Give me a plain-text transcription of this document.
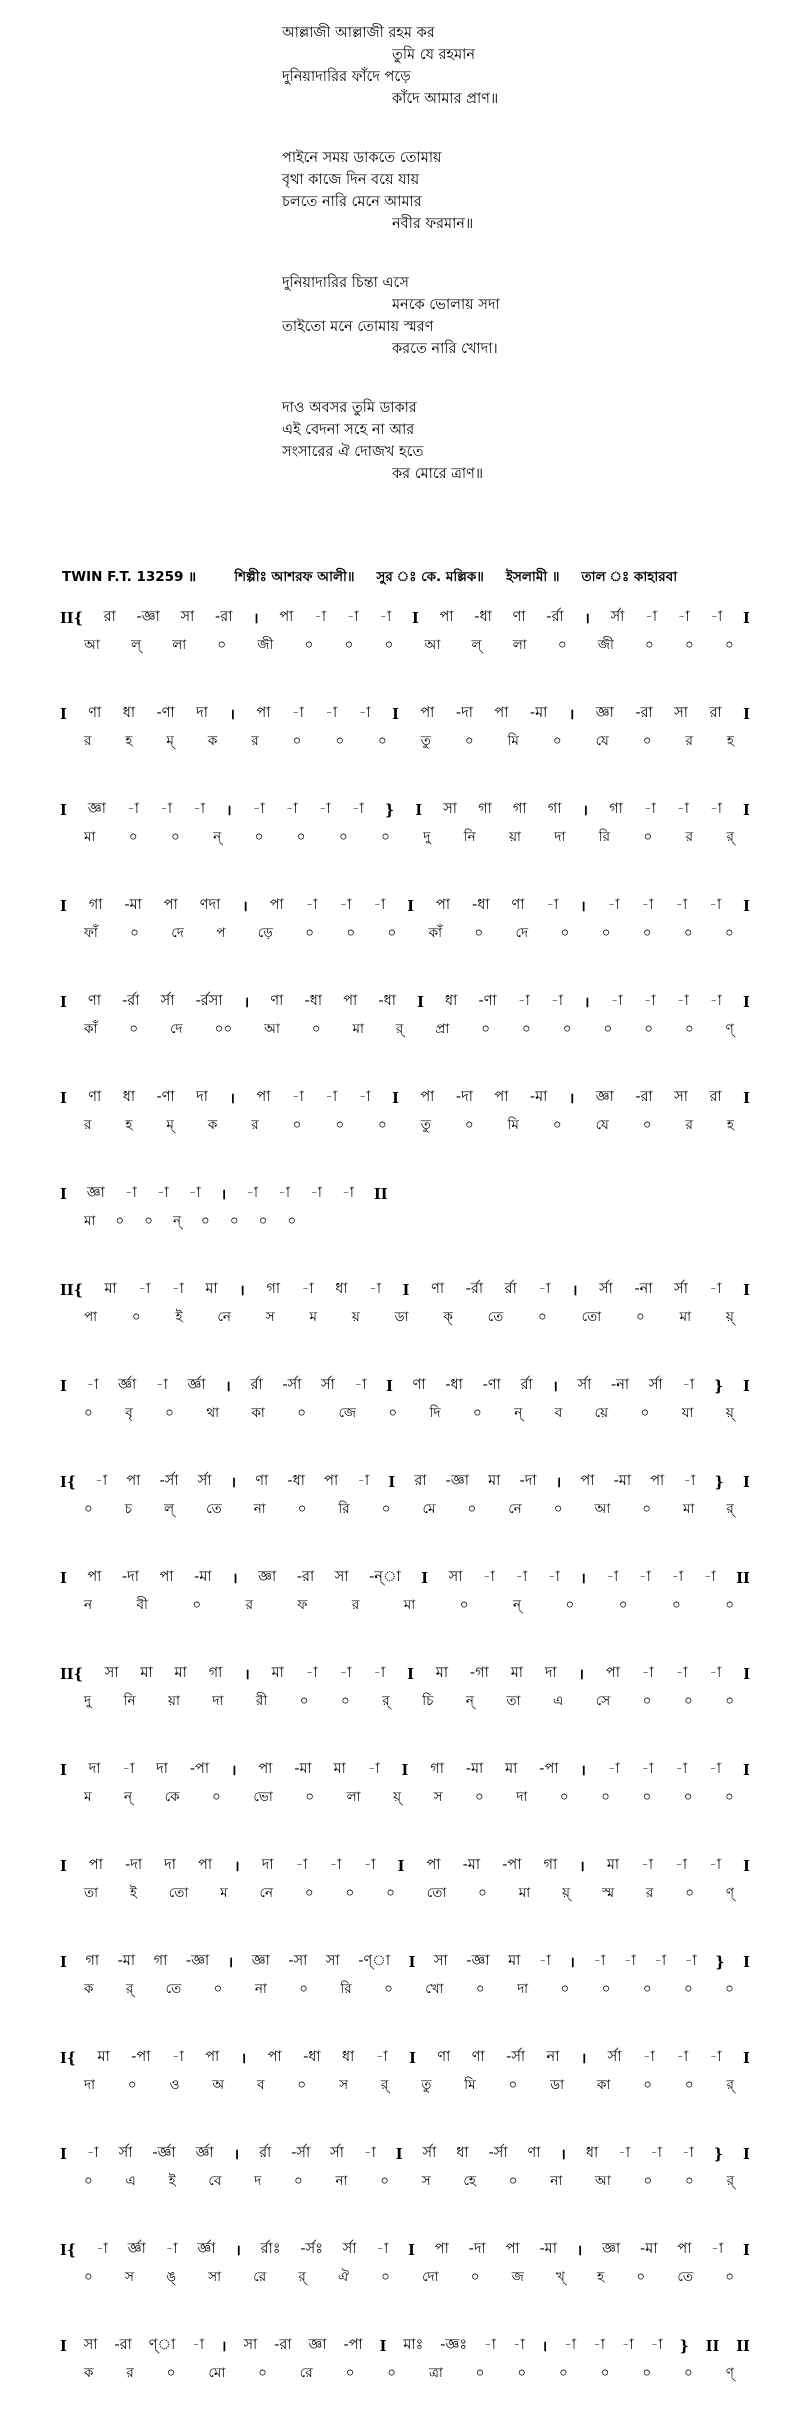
আল্লাজী আল্লাজী রহম কর
তুমি যে রহমান
দুনিয়াদারির ফাঁদে পড়ে
কাঁদে আমার প্রাণ॥
পাইনে সময় ডাকতে তোমায়
বৃথা কাজে দিন বয়ে যায়
চলতে নারি মেনে আমার
নবীর ফরমান॥
দুনিয়াদারির চিন্তা এসে
মনকে ভোলায় সদা
তাইতো মনে তোমায় স্মরণ
করতে নারি খোদা।
দাও অবসর তুমি ডাকার
এই বেদনা সহে না আর
সংসারের ঐ দোজখ হতে
কর মোরে ত্রাণ॥
TWIN F.T. 13259 ॥	শিল্পীঃ আশরফ আলী॥ সুর ঃ কে. মল্লিক॥ ইসলামী ॥ তাল ঃ কাহারবা
II{ রা -জ্ঞা সা -রা । পা -া -া -া I পা -ধা ণা -র্রা । র্সা -া -া -া I
আ ল্ লা ০ জী ০ ০ ০ আ ল্ লা ০ জী ০ ০ ০
I ণা ধা -ণা দা । পা -া -া -া I পা -দা পা -মা । জ্ঞা -রা সা রা I
র	হ	ম্	ক	র	০	০	০	তু	০	মি	০	যে	০	র	হ
I জ্ঞা -া -া -া । -া -া -া -া } I সা গা গা গা । গা -া -া -া I
মা ০ ০ ন্ ০ ০ ০ ০ দু নি য়া দা রি ০ র র্
I গা -মা পা ণদা । পা -া -া -া I পা -ধা ণা -া । -া -া -া -া I
ফাঁ ০ দে প ড়ে ০ ০ ০ কাঁ ০ দে ০ ০ ০ ০ ০
I ণা -র্রা র্সা -র্রসা । ণা -ধা পা -ধা I ধা -ণা -া -া । -া -া -া -া I
কাঁ ০ দে ০০ আ ০ মা র্ প্রা ০ ০ ০ ০ ০ ০ ণ্
I ণা ধা -ণা দা । পা -া -া -া I পা -দা পা -মা । জ্ঞা -রা সা রা I
র	হ	ম্	ক	র	০	০	০	তু	০	মি	০	যে	০	র	হ
I জ্ঞা -া -া -া । -া -া -া -া II
মা ০ ০ ন্ ০ ০ ০ ০
II{ মা -া -া মা । গা -া ধা -া I ণা -র্রা র্রা -া । র্সা -না র্সা -া I
পা	০	ই	নে	স	ম	য়	ডা	ক্	তে	০	তো	০	মা	য়্
I -া র্জ্ঞা -া র্জ্ঞা । র্রা -র্সা র্সা -া I ণা -ধা -ণা র্রা । র্সা -না র্সা -া } I
০ বৃ ০ থা কা ০ জে ০ দি ০ ন্ ব য়ে ০ যা য়্
I{ -া পা -র্সা র্সা । ণা -ধা পা -া I রা -জ্ঞা মা -দা । পা -মা পা -া } I
০ চ ল্ তে না ০ রি ০ মে ০ নে ০ আ ০ মা র্
I পা -দা পা -মা । জ্ঞা -রা সা -ন্া I সা -া -া -া । -া -া -া -া II
ন	বী	০	র	ফ	র	মা	০	ন্	০	০	০	০
II{ সা মা মা গা । মা -া -া -া I মা -গা মা দা । পা -া -া -া I
দু নি য়া দা রী ০ ০ র্ চি ন্ তা এ সে ০ ০ ০
I দা -া দা -পা । পা -মা মা -া I গা -মা মা -পা । -া -া -া -া I
ম ন্ কে ০ ভো ০ লা য়্ স ০ দা ০ ০ ০ ০ ০
I পা -দা দা পা । দা -া -া -া I পা -মা -পা গা । মা -া -া -া I
তা ই তো ম নে ০ ০ ০ তো ০ মা য়্ স্ম র ০ ণ্
I গা -মা গা -জ্ঞা । জ্ঞা -সা সা -ণ্া I সা -জ্ঞা মা -া । -া -া -া -া } I
ক র্ তে ০ না ০ রি ০ খো ০ দা ০ ০ ০ ০ ০
I{ মা -পা -া পা । পা -ধা ধা -া I ণা ণা -র্সা না । র্সা -া -া -া I
দা ০ ও অ ব ০ স র্ তু মি ০ ডা কা ০ ০ র্
I -া র্সা -র্জ্ঞা র্জ্ঞা । র্রা -র্সা র্সা -া I র্সা ধা -র্সা ণা । ধা -া -া -া } I
০ এ ই বে দ ০ না ০ স হে ০ না আ ০ ০ র্
I{ -া র্জ্ঞা -া র্জ্ঞা । র্রাঃ -র্সঃ র্সা -া I পা -দা পা -মা । জ্ঞা -মা পা -া I
০ স ঙ্ সা রে র্ ঐ ০ দো ০ জ খ্ হ ০ তে ০
I সা -রা ণ্া -া । সা -রা জ্ঞা -পা I মাঃ -জ্ঞঃ -া -া । -া -া -া -া } II II
ক র ০ মো ০ রে ০ ০ ত্রা ০ ০ ০ ০ ০ ০ ণ্
